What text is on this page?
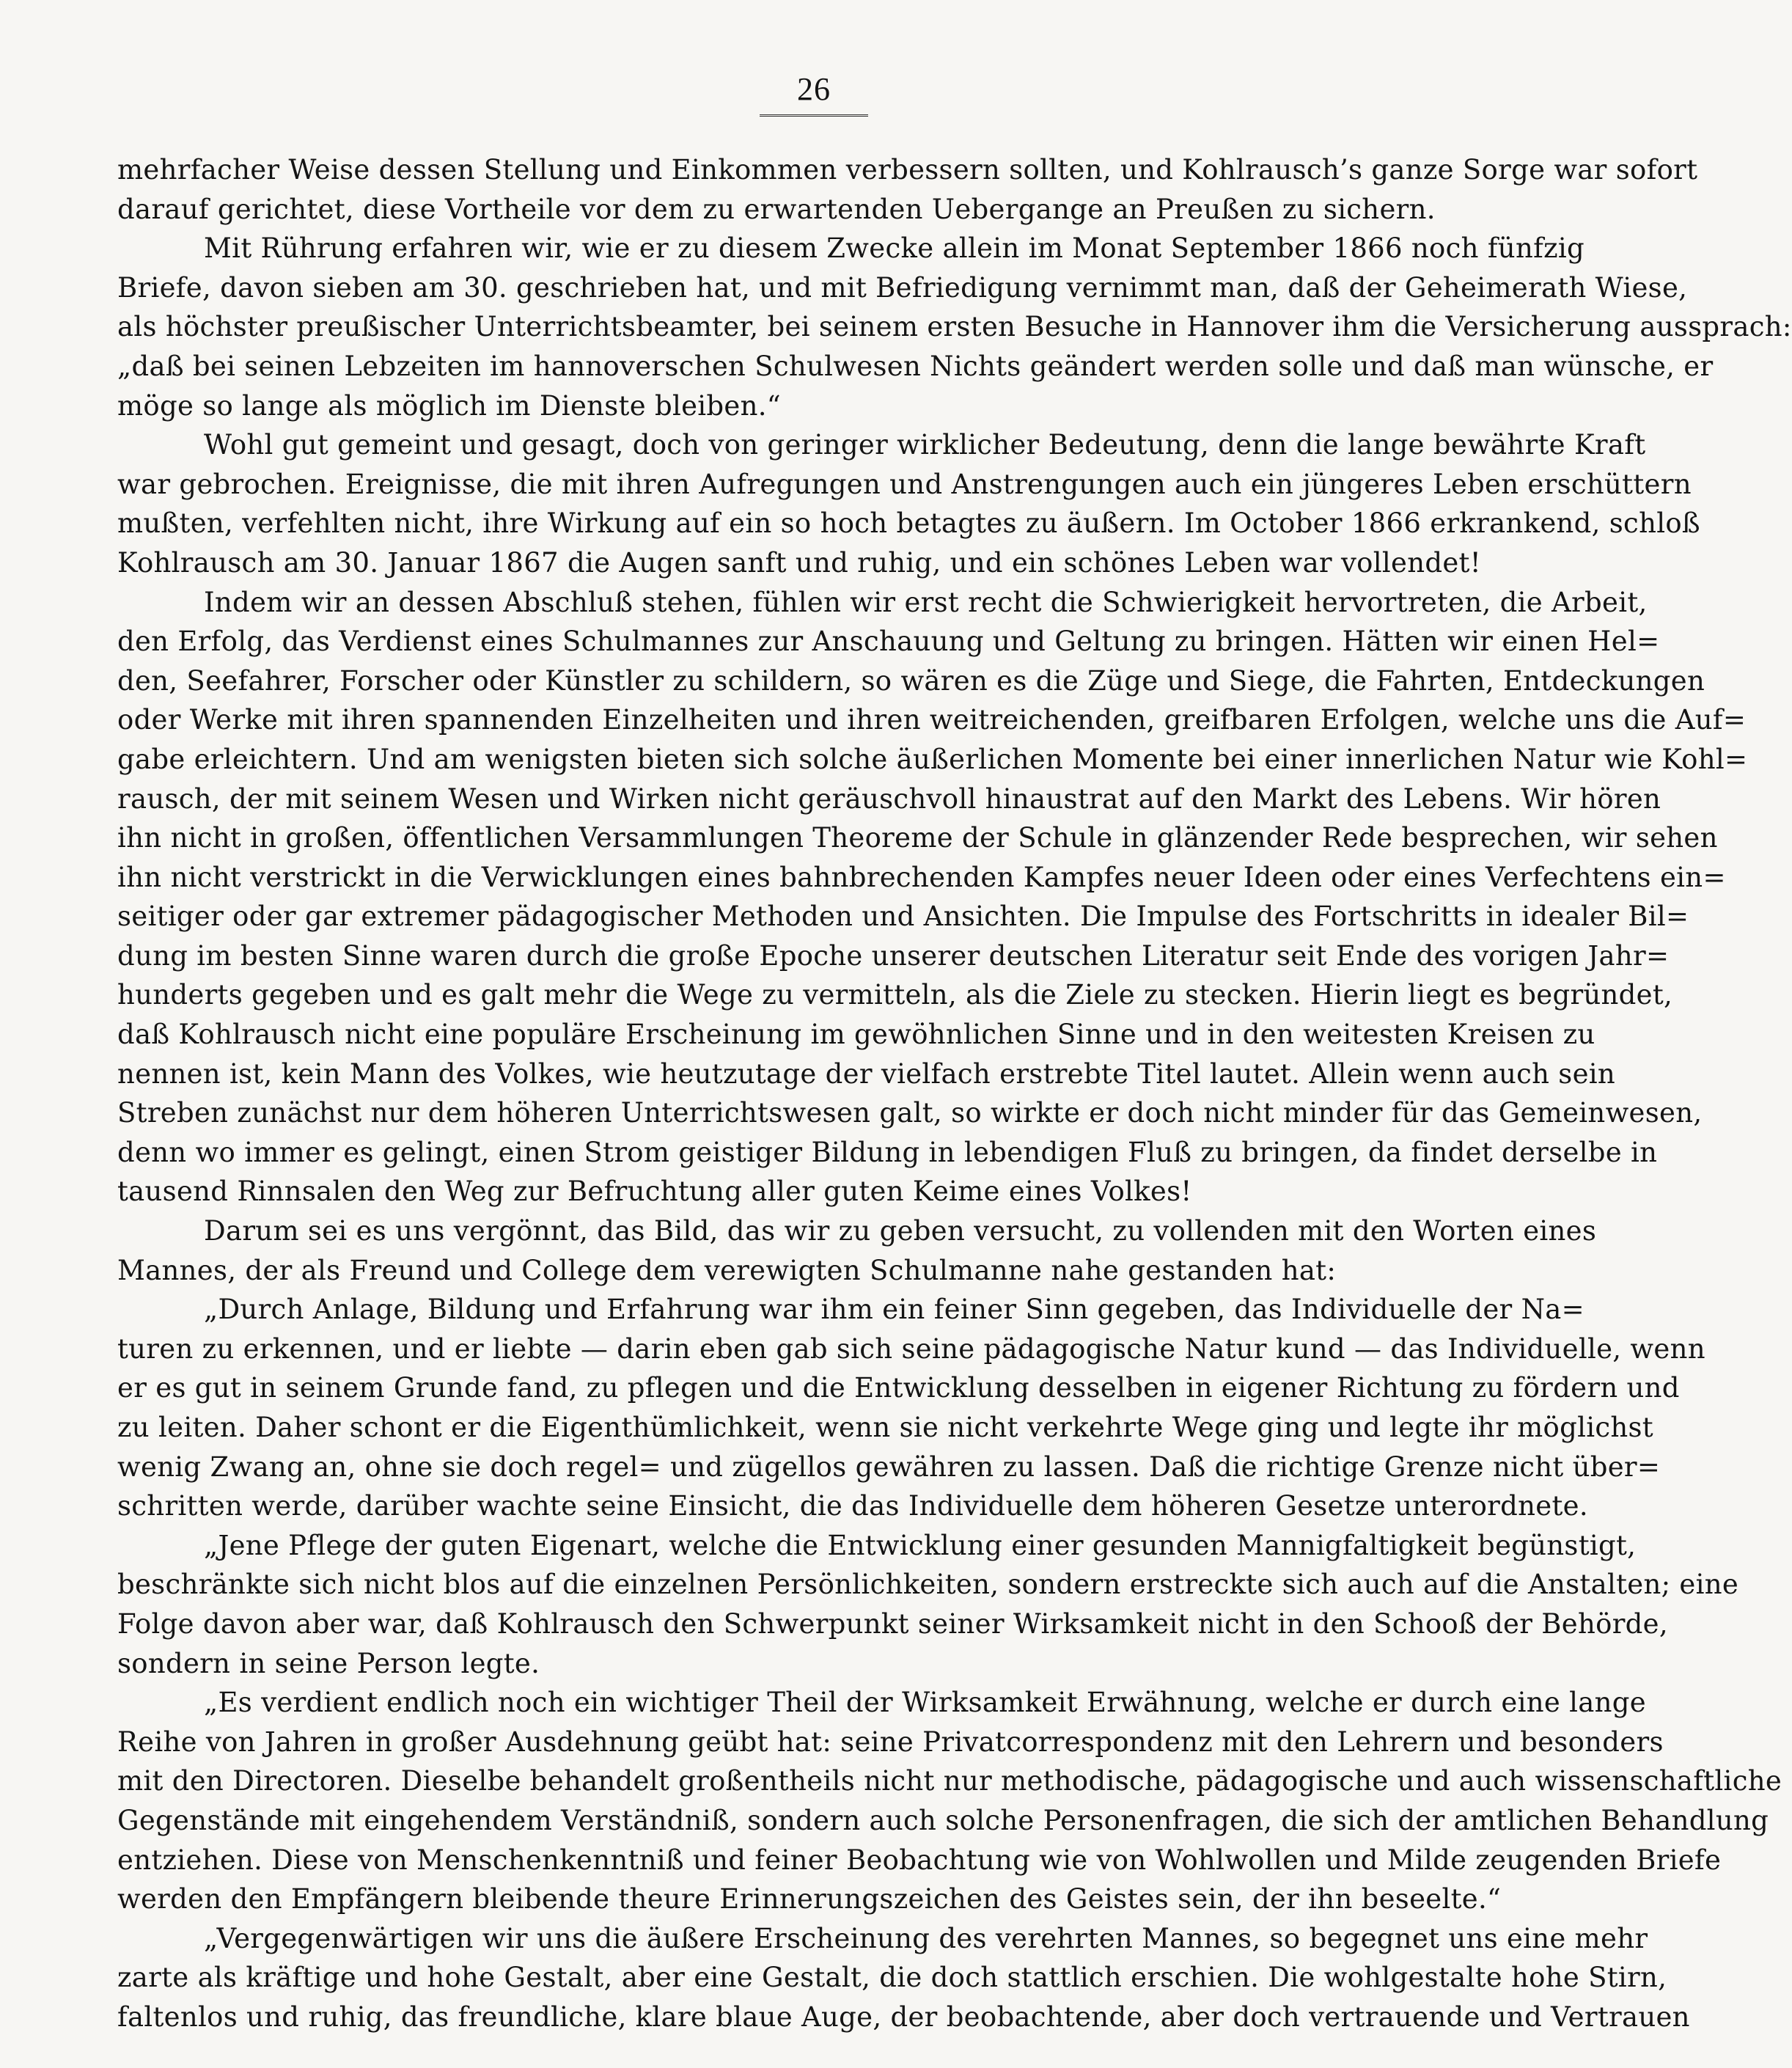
26
mehrfacher Weise dessen Stellung und Einkommen verbessern sollten, und Kohlrausch’s ganze Sorge war sofort
darauf gerichtet, diese Vortheile vor dem zu erwartenden Uebergange an Preußen zu sichern.
Mit Rührung erfahren wir, wie er zu diesem Zwecke allein im Monat September 1866 noch fünfzig
Briefe, davon sieben am 30. geschrieben hat, und mit Befriedigung vernimmt man, daß der Geheimerath Wiese,
als höchster preußischer Unterrichtsbeamter, bei seinem ersten Besuche in Hannover ihm die Versicherung aussprach:
„daß bei seinen Lebzeiten im hannoverschen Schulwesen Nichts geändert werden solle und daß man wünsche, er
möge so lange als möglich im Dienste bleiben.“
Wohl gut gemeint und gesagt, doch von geringer wirklicher Bedeutung, denn die lange bewährte Kraft
war gebrochen. Ereignisse, die mit ihren Aufregungen und Anstrengungen auch ein jüngeres Leben erschüttern
mußten, verfehlten nicht, ihre Wirkung auf ein so hoch betagtes zu äußern. Im October 1866 erkrankend, schloß
Kohlrausch am 30. Januar 1867 die Augen sanft und ruhig, und ein schönes Leben war vollendet!
Indem wir an dessen Abschluß stehen, fühlen wir erst recht die Schwierigkeit hervortreten, die Arbeit,
den Erfolg, das Verdienst eines Schulmannes zur Anschauung und Geltung zu bringen. Hätten wir einen Hel=
den, Seefahrer, Forscher oder Künstler zu schildern, so wären es die Züge und Siege, die Fahrten, Entdeckungen
oder Werke mit ihren spannenden Einzelheiten und ihren weitreichenden, greifbaren Erfolgen, welche uns die Auf=
gabe erleichtern. Und am wenigsten bieten sich solche äußerlichen Momente bei einer innerlichen Natur wie Kohl=
rausch, der mit seinem Wesen und Wirken nicht geräuschvoll hinaustrat auf den Markt des Lebens. Wir hören
ihn nicht in großen, öffentlichen Versammlungen Theoreme der Schule in glänzender Rede besprechen, wir sehen
ihn nicht verstrickt in die Verwicklungen eines bahnbrechenden Kampfes neuer Ideen oder eines Verfechtens ein=
seitiger oder gar extremer pädagogischer Methoden und Ansichten. Die Impulse des Fortschritts in idealer Bil=
dung im besten Sinne waren durch die große Epoche unserer deutschen Literatur seit Ende des vorigen Jahr=
hunderts gegeben und es galt mehr die Wege zu vermitteln, als die Ziele zu stecken. Hierin liegt es begründet,
daß Kohlrausch nicht eine populäre Erscheinung im gewöhnlichen Sinne und in den weitesten Kreisen zu
nennen ist, kein Mann des Volkes, wie heutzutage der vielfach erstrebte Titel lautet. Allein wenn auch sein
Streben zunächst nur dem höheren Unterrichtswesen galt, so wirkte er doch nicht minder für das Gemeinwesen,
denn wo immer es gelingt, einen Strom geistiger Bildung in lebendigen Fluß zu bringen, da findet derselbe in
tausend Rinnsalen den Weg zur Befruchtung aller guten Keime eines Volkes!
Darum sei es uns vergönnt, das Bild, das wir zu geben versucht, zu vollenden mit den Worten eines
Mannes, der als Freund und College dem verewigten Schulmanne nahe gestanden hat:
„Durch Anlage, Bildung und Erfahrung war ihm ein feiner Sinn gegeben, das Individuelle der Na=
turen zu erkennen, und er liebte — darin eben gab sich seine pädagogische Natur kund — das Individuelle, wenn
er es gut in seinem Grunde fand, zu pflegen und die Entwicklung desselben in eigener Richtung zu fördern und
zu leiten. Daher schont er die Eigenthümlichkeit, wenn sie nicht verkehrte Wege ging und legte ihr möglichst
wenig Zwang an, ohne sie doch regel= und zügellos gewähren zu lassen. Daß die richtige Grenze nicht über=
schritten werde, darüber wachte seine Einsicht, die das Individuelle dem höheren Gesetze unterordnete.
„Jene Pflege der guten Eigenart, welche die Entwicklung einer gesunden Mannigfaltigkeit begünstigt,
beschränkte sich nicht blos auf die einzelnen Persönlichkeiten, sondern erstreckte sich auch auf die Anstalten; eine
Folge davon aber war, daß Kohlrausch den Schwerpunkt seiner Wirksamkeit nicht in den Schooß der Behörde,
sondern in seine Person legte.
„Es verdient endlich noch ein wichtiger Theil der Wirksamkeit Erwähnung, welche er durch eine lange
Reihe von Jahren in großer Ausdehnung geübt hat: seine Privatcorrespondenz mit den Lehrern und besonders
mit den Directoren. Dieselbe behandelt großentheils nicht nur methodische, pädagogische und auch wissenschaftliche
Gegenstände mit eingehendem Verständniß, sondern auch solche Personenfragen, die sich der amtlichen Behandlung
entziehen. Diese von Menschenkenntniß und feiner Beobachtung wie von Wohlwollen und Milde zeugenden Briefe
werden den Empfängern bleibende theure Erinnerungszeichen des Geistes sein, der ihn beseelte.“
„Vergegenwärtigen wir uns die äußere Erscheinung des verehrten Mannes, so begegnet uns eine mehr
zarte als kräftige und hohe Gestalt, aber eine Gestalt, die doch stattlich erschien. Die wohlgestalte hohe Stirn,
faltenlos und ruhig, das freundliche, klare blaue Auge, der beobachtende, aber doch vertrauende und Vertrauen
